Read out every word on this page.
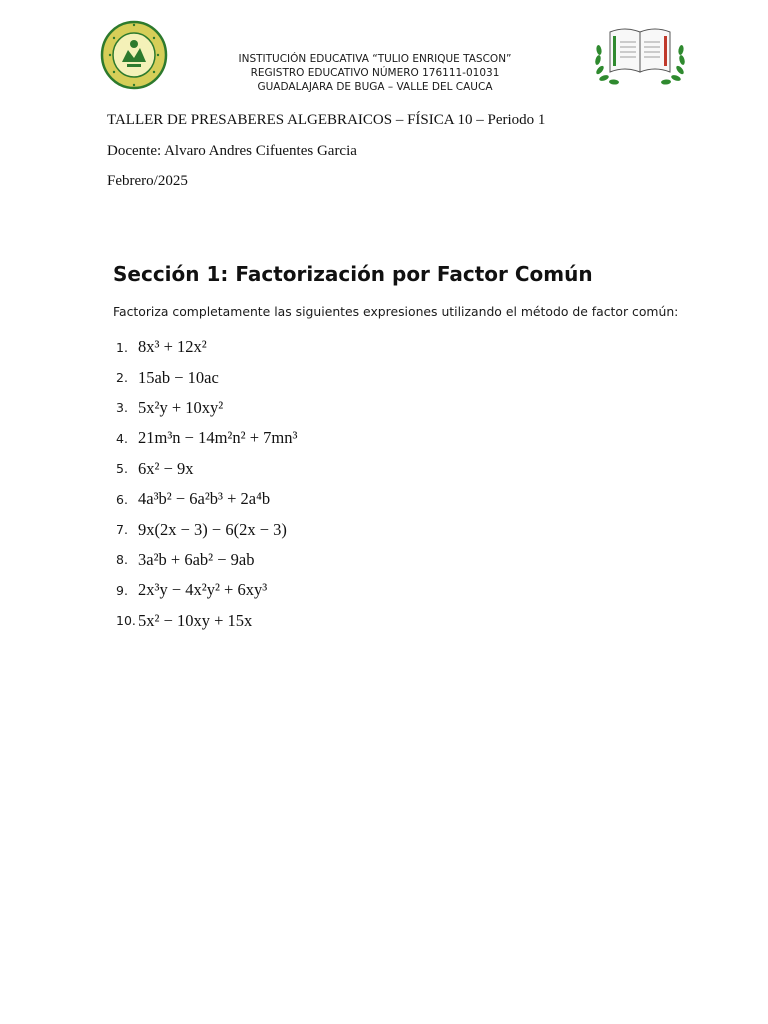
INSTITUCIÓN EDUCATIVA “TULIO ENRIQUE TASCON”
REGISTRO EDUCATIVO NÚMERO 176111-01031
GUADALAJARA DE BUGA – VALLE DEL CAUCA
TALLER DE PRESABERES ALGEBRAICOS – FÍSICA 10 – Periodo 1
Docente: Alvaro Andres Cifuentes Garcia
Febrero/2025
Sección 1: Factorización por Factor Común
Factoriza completamente las siguientes expresiones utilizando el método de factor común:
1. 8x³ + 12x²
2. 15ab − 10ac
3. 5x²y + 10xy²
4. 21m³n − 14m²n² + 7mn³
5. 6x² − 9x
6. 4a³b² − 6a²b³ + 2a⁴b
7. 9x(2x − 3) − 6(2x − 3)
8. 3a²b + 6ab² − 9ab
9. 2x³y − 4x²y² + 6xy³
10. 5x² − 10xy + 15x
